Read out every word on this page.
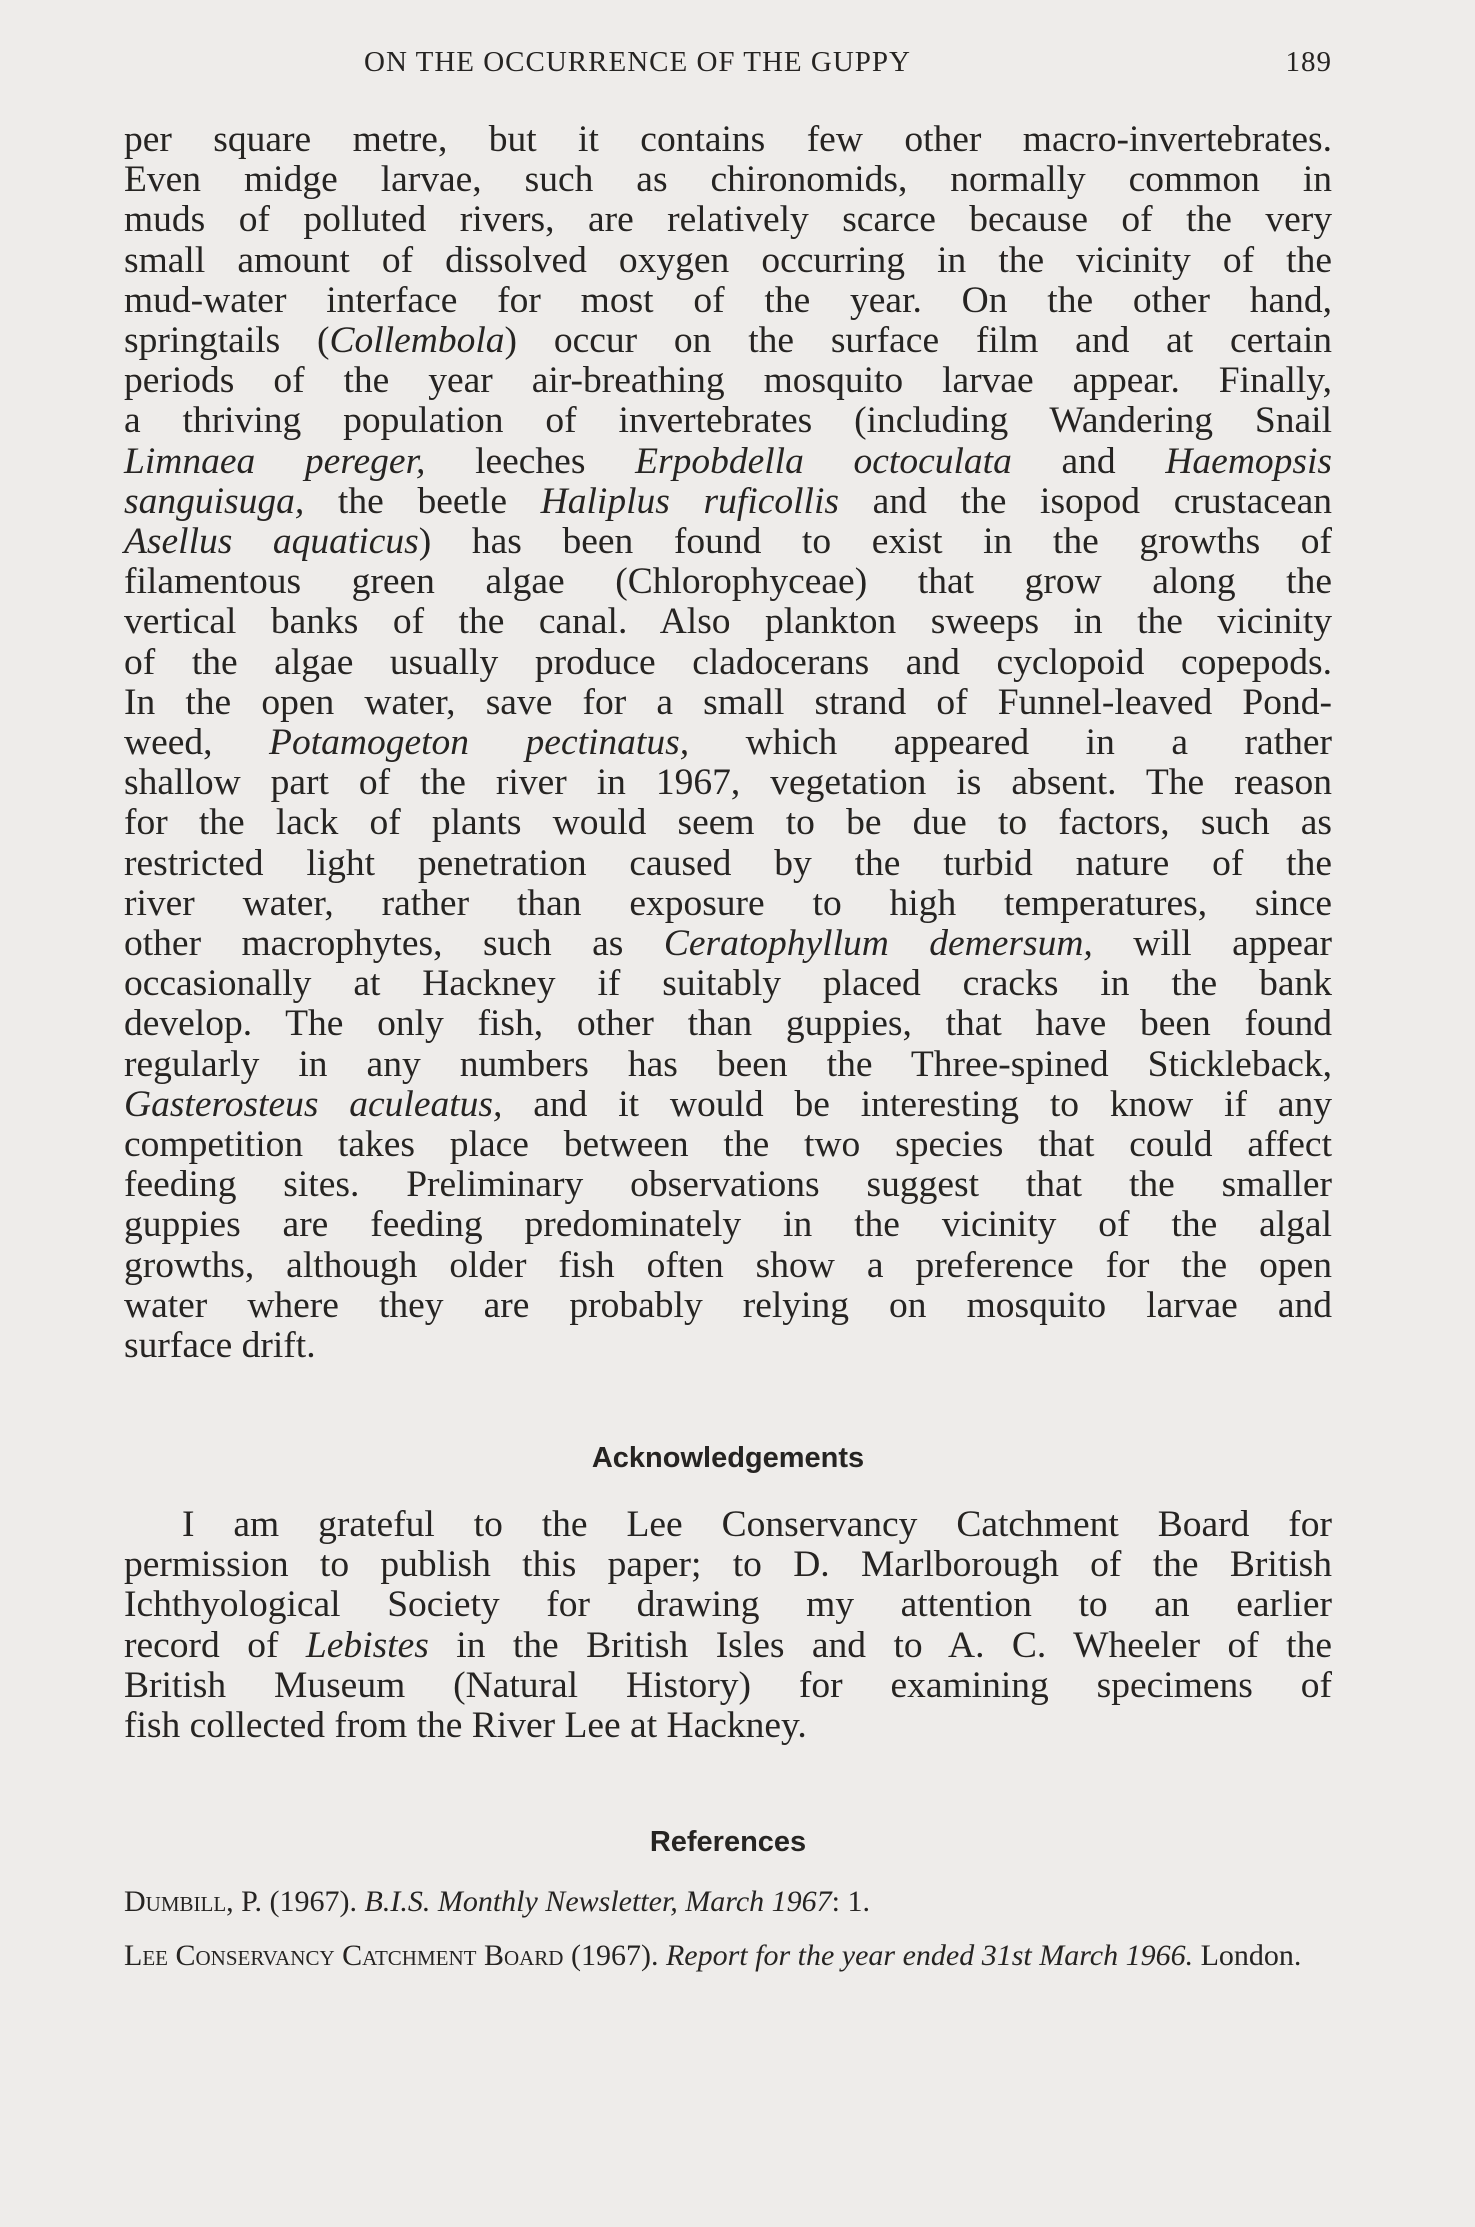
ON THE OCCURRENCE OF THE GUPPY	189

per square metre, but it contains few other macro-invertebrates.
Even midge larvae, such as chironomids, normally common in
muds of polluted rivers, are relatively scarce because of the very
small amount of dissolved oxygen occurring in the vicinity of the
mud-water interface for most of the year. On the other hand,
springtails (Collembola) occur on the surface film and at certain
periods of the year air-breathing mosquito larvae appear. Finally,
a thriving population of invertebrates (including Wandering Snail
Limnaea pereger, leeches Erpobdella octoculata and Haemopsis
sanguisuga, the beetle Haliplus ruficollis and the isopod crustacean
Asellus aquaticus) has been found to exist in the growths of
filamentous green algae (Chlorophyceae) that grow along the
vertical banks of the canal. Also plankton sweeps in the vicinity
of the algae usually produce cladocerans and cyclopoid copepods.
In the open water, save for a small strand of Funnel-leaved Pond-
weed, Potamogeton pectinatus, which appeared in a rather
shallow part of the river in 1967, vegetation is absent. The reason
for the lack of plants would seem to be due to factors, such as
restricted light penetration caused by the turbid nature of the
river water, rather than exposure to high temperatures, since
other macrophytes, such as Ceratophyllum demersum, will appear
occasionally at Hackney if suitably placed cracks in the bank
develop. The only fish, other than guppies, that have been found
regularly in any numbers has been the Three-spined Stickleback,
Gasterosteus aculeatus, and it would be interesting to know if any
competition takes place between the two species that could affect
feeding sites. Preliminary observations suggest that the smaller
guppies are feeding predominately in the vicinity of the algal
growths, although older fish often show a preference for the open
water where they are probably relying on mosquito larvae and
surface drift.

Acknowledgements

I am grateful to the Lee Conservancy Catchment Board for
permission to publish this paper; to D. Marlborough of the British
Ichthyological Society for drawing my attention to an earlier
record of Lebistes in the British Isles and to A. C. Wheeler of the
British Museum (Natural History) for examining specimens of
fish collected from the River Lee at Hackney.

References

Dumbill, P. (1967). B.I.S. Monthly Newsletter, March 1967: 1.

Lee Conservancy Catchment Board (1967). Report for the year ended 31st March 1966. London.
